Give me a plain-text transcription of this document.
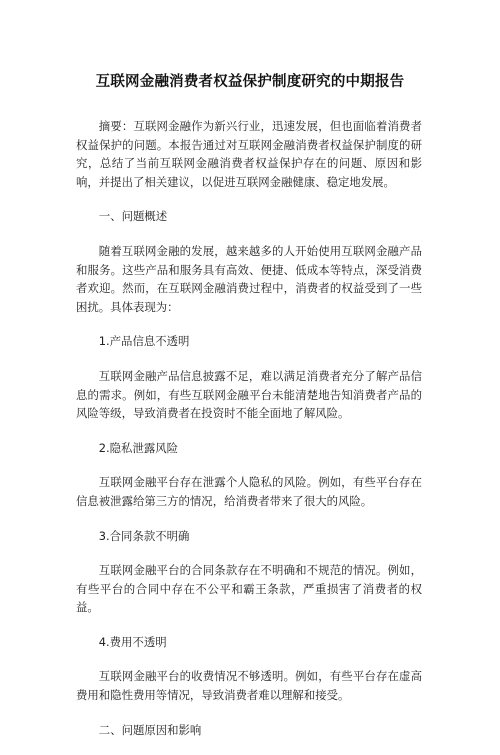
互联网金融消费者权益保护制度研究的中期报告

摘要：互联网金融作为新兴行业，迅速发展，但也面临着消费者权益保护的问题。本报告通过对互联网金融消费者权益保护制度的研究，总结了当前互联网金融消费者权益保护存在的问题、原因和影响，并提出了相关建议，以促进互联网金融健康、稳定地发展。

一、问题概述

随着互联网金融的发展，越来越多的人开始使用互联网金融产品和服务。这些产品和服务具有高效、便捷、低成本等特点，深受消费者欢迎。然而，在互联网金融消费过程中，消费者的权益受到了一些困扰。具体表现为：

1.产品信息不透明

互联网金融产品信息披露不足，难以满足消费者充分了解产品信息的需求。例如，有些互联网金融平台未能清楚地告知消费者产品的风险等级，导致消费者在投资时不能全面地了解风险。

2.隐私泄露风险

互联网金融平台存在泄露个人隐私的风险。例如，有些平台存在信息被泄露给第三方的情况，给消费者带来了很大的风险。

3.合同条款不明确

互联网金融平台的合同条款存在不明确和不规范的情况。例如，有些平台的合同中存在不公平和霸王条款，严重损害了消费者的权益。

4.费用不透明

互联网金融平台的收费情况不够透明。例如，有些平台存在虚高费用和隐性费用等情况，导致消费者难以理解和接受。

二、问题原因和影响
